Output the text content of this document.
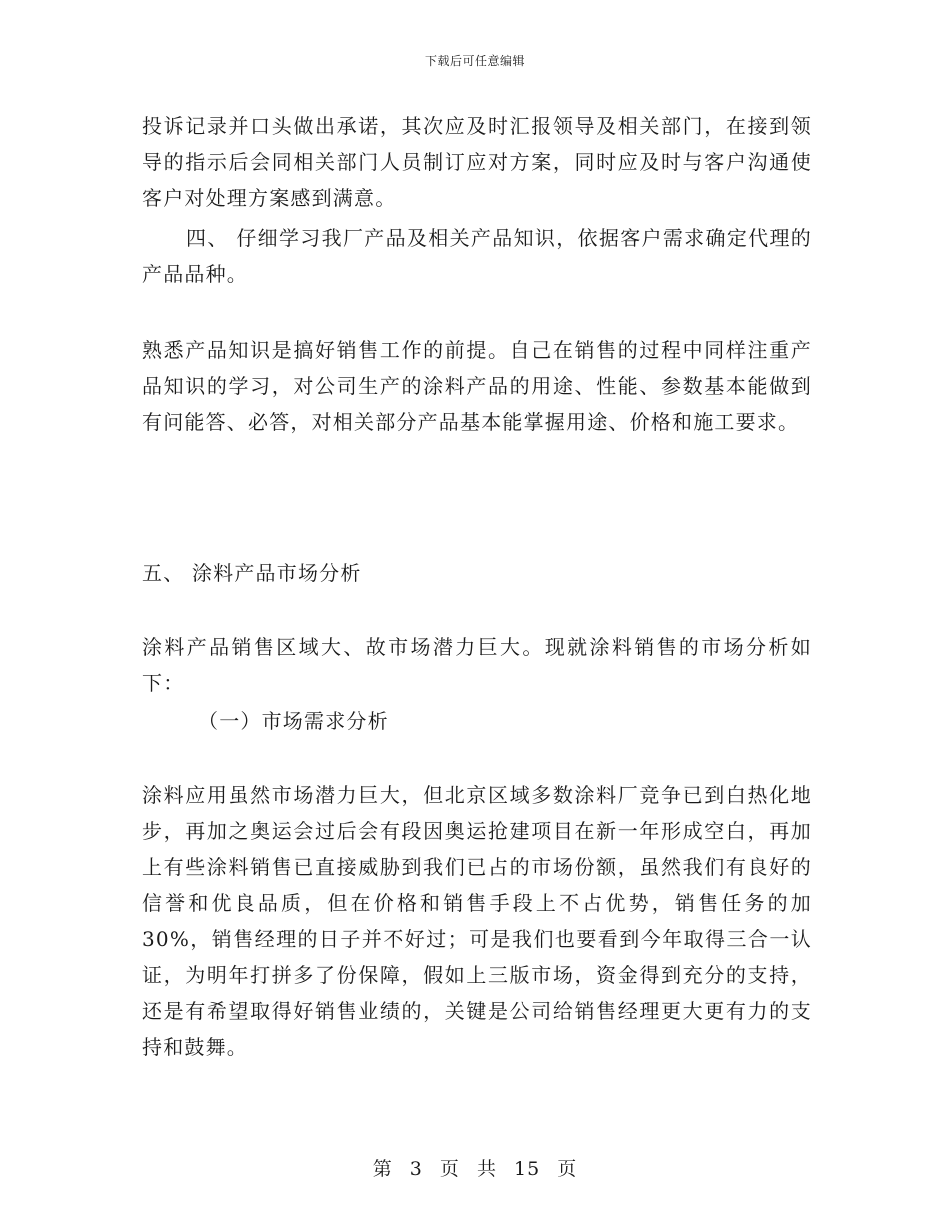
下载后可任意编辑

投诉记录并口头做出承诺，其次应及时汇报领导及相关部门，在接到领导的指示后会同相关部门人员制订应对方案，同时应及时与客户沟通使客户对处理方案感到满意。

四、 仔细学习我厂产品及相关产品知识，依据客户需求确定代理的产品品种。

熟悉产品知识是搞好销售工作的前提。自己在销售的过程中同样注重产品知识的学习，对公司生产的涂料产品的用途、性能、参数基本能做到有问能答、必答，对相关部分产品基本能掌握用途、价格和施工要求。

五、 涂料产品市场分析

涂料产品销售区域大、故市场潜力巨大。现就涂料销售的市场分析如下：

（一）市场需求分析

涂料应用虽然市场潜力巨大，但北京区域多数涂料厂竞争已到白热化地步，再加之奥运会过后会有段因奥运抢建项目在新一年形成空白，再加上有些涂料销售已直接威胁到我们已占的市场份额，虽然我们有良好的信誉和优良品质，但在价格和销售手段上不占优势，销售任务的加30%，销售经理的日子并不好过；可是我们也要看到今年取得三合一认证，为明年打拼多了份保障，假如上三版市场，资金得到充分的支持，还是有希望取得好销售业绩的，关键是公司给销售经理更大更有力的支持和鼓舞。

第 3 页 共 15 页
